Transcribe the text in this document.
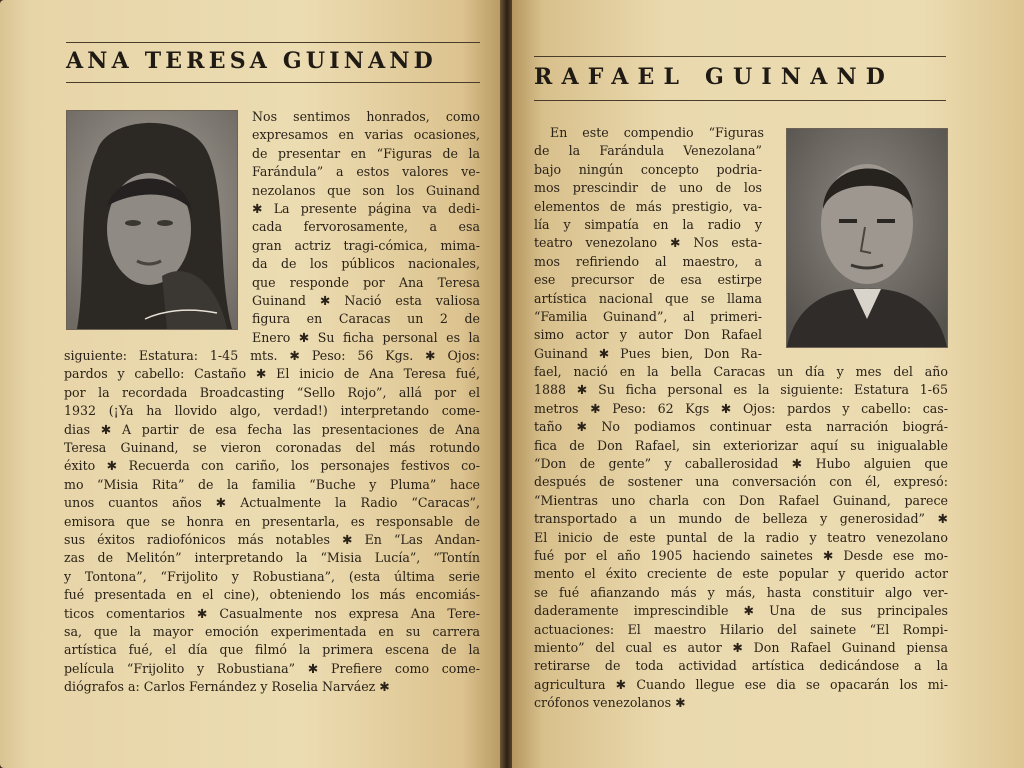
ANA TERESA GUINAND
Nos sentimos honrados, como
expresamos en varias ocasiones,
de presentar en “Figuras de la
Farándula” a estos valores ve-
nezolanos que son los Guinand
✱ La presente página va dedi-
cada fervorosamente, a esa
gran actriz tragi-cómica, mima-
da de los públicos nacionales,
que responde por Ana Teresa
Guinand ✱ Nació esta valiosa
figura en Caracas un 2 de
Enero ✱ Su ficha personal es la
siguiente: Estatura: 1-45 mts. ✱ Peso: 56 Kgs. ✱ Ojos:
pardos y cabello: Castaño ✱ El inicio de Ana Teresa fué,
por la recordada Broadcasting “Sello Rojo”, allá por el
1932 (¡Ya ha llovido algo, verdad!) interpretando come-
dias ✱ A partir de esa fecha las presentaciones de Ana
Teresa Guinand, se vieron coronadas del más rotundo
éxito ✱ Recuerda con cariño, los personajes festivos co-
mo “Misia Rita” de la familia “Buche y Pluma” hace
unos cuantos años ✱ Actualmente la Radio “Caracas”,
emisora que se honra en presentarla, es responsable de
sus éxitos radiofónicos más notables ✱ En “Las Andan-
zas de Melitón” interpretando la “Misia Lucía”, “Tontín
y Tontona”, “Frijolito y Robustiana”, (esta última serie
fué presentada en el cine), obteniendo los más encomiás-
ticos comentarios ✱ Casualmente nos expresa Ana Tere-
sa, que la mayor emoción experimentada en su carrera
artística fué, el día que filmó la primera escena de la
película “Frijolito y Robustiana” ✱ Prefiere como come-
diógrafos a: Carlos Fernández y Roselia Narváez ✱
RAFAEL GUINAND
En este compendio “Figuras
de la Farándula Venezolana”
bajo ningún concepto podria-
mos prescindir de uno de los
elementos de más prestigio, va-
lía y simpatía en la radio y
teatro venezolano ✱ Nos esta-
mos refiriendo al maestro, a
ese precursor de esa estirpe
artística nacional que se llama
“Familia Guinand”, al primeri-
simo actor y autor Don Rafael
Guinand ✱ Pues bien, Don Ra-
fael, nació en la bella Caracas un día y mes del año
1888 ✱ Su ficha personal es la siguiente: Estatura 1-65
metros ✱ Peso: 62 Kgs ✱ Ojos: pardos y cabello: cas-
taño ✱ No podiamos continuar esta narración biográ-
fica de Don Rafael, sin exteriorizar aquí su inigualable
“Don de gente” y caballerosidad ✱ Hubo alguien que
después de sostener una conversación con él, expresó:
“Mientras uno charla con Don Rafael Guinand, parece
transportado a un mundo de belleza y generosidad” ✱
El inicio de este puntal de la radio y teatro venezolano
fué por el año 1905 haciendo sainetes ✱ Desde ese mo-
mento el éxito creciente de este popular y querido actor
se fué afianzando más y más, hasta constituir algo ver-
daderamente imprescindible ✱ Una de sus principales
actuaciones: El maestro Hilario del sainete “El Rompi-
miento” del cual es autor ✱ Don Rafael Guinand piensa
retirarse de toda actividad artística dedicándose a la
agricultura ✱ Cuando llegue ese dia se opacarán los mi-
crófonos venezolanos ✱
